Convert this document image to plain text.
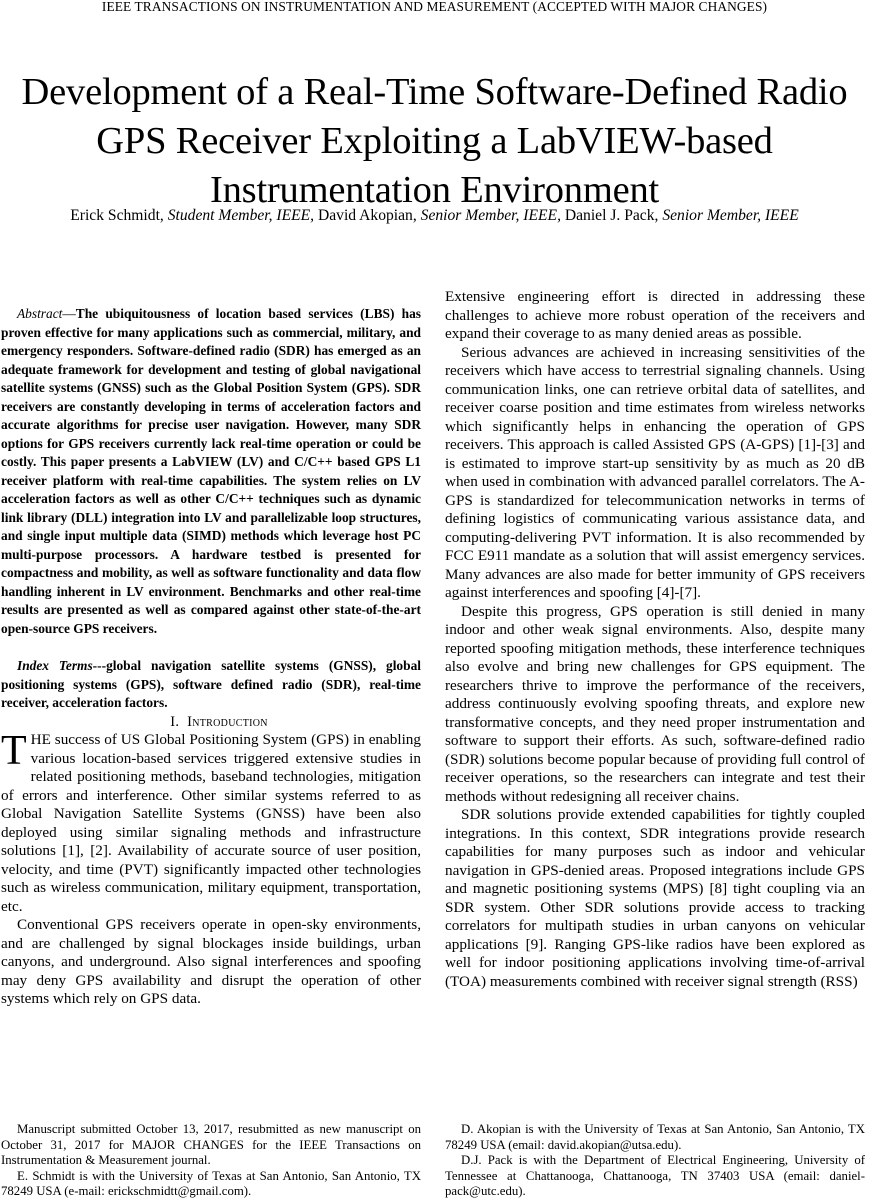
IEEE TRANSACTIONS ON INSTRUMENTATION AND MEASUREMENT (ACCEPTED WITH MAJOR CHANGES)
Development of a Real-Time Software-Defined Radio GPS Receiver Exploiting a LabVIEW-based Instrumentation Environment
Erick Schmidt, Student Member, IEEE, David Akopian, Senior Member, IEEE, Daniel J. Pack, Senior Member, IEEE

Abstract—The ubiquitousness of location based services (LBS) has proven effective for many applications such as commercial, military, and emergency responders. Software-defined radio (SDR) has emerged as an adequate framework for development and testing of global navigational satellite systems (GNSS) such as the Global Position System (GPS). SDR receivers are constantly developing in terms of acceleration factors and accurate algorithms for precise user navigation. However, many SDR options for GPS receivers currently lack real-time operation or could be costly. This paper presents a LabVIEW (LV) and C/C++ based GPS L1 receiver platform with real-time capabilities. The system relies on LV acceleration factors as well as other C/C++ techniques such as dynamic link library (DLL) integration into LV and parallelizable loop structures, and single input multiple data (SIMD) methods which leverage host PC multi-purpose processors. A hardware testbed is presented for compactness and mobility, as well as software functionality and data flow handling inherent in LV environment. Benchmarks and other real-time results are presented as well as compared against other state-of-the-art open-source GPS receivers.

Index Terms---global navigation satellite systems (GNSS), global positioning systems (GPS), software defined radio (SDR), real-time receiver, acceleration factors.

I. Introduction

THE success of US Global Positioning System (GPS) in enabling various location-based services triggered extensive studies in related positioning methods, baseband technologies, mitigation of errors and interference. Other similar systems referred to as Global Navigation Satellite Systems (GNSS) have been also deployed using similar signaling methods and infrastructure solutions [1], [2]. Availability of accurate source of user position, velocity, and time (PVT) significantly impacted other technologies such as wireless communication, military equipment, transportation, etc.

Conventional GPS receivers operate in open-sky environments, and are challenged by signal blockages inside buildings, urban canyons, and underground. Also signal interferences and spoofing may deny GPS availability and disrupt the operation of other systems which rely on GPS data.

Extensive engineering effort is directed in addressing these challenges to achieve more robust operation of the receivers and expand their coverage to as many denied areas as possible.

Serious advances are achieved in increasing sensitivities of the receivers which have access to terrestrial signaling channels. Using communication links, one can retrieve orbital data of satellites, and receiver coarse position and time estimates from wireless networks which significantly helps in enhancing the operation of GPS receivers. This approach is called Assisted GPS (A-GPS) [1]-[3] and is estimated to improve start-up sensitivity by as much as 20 dB when used in combination with advanced parallel correlators. The A-GPS is standardized for telecommunication networks in terms of defining logistics of communicating various assistance data, and computing-delivering PVT information. It is also recommended by FCC E911 mandate as a solution that will assist emergency services. Many advances are also made for better immunity of GPS receivers against interferences and spoofing [4]-[7].

Despite this progress, GPS operation is still denied in many indoor and other weak signal environments. Also, despite many reported spoofing mitigation methods, these interference techniques also evolve and bring new challenges for GPS equipment. The researchers thrive to improve the performance of the receivers, address continuously evolving spoofing threats, and explore new transformative concepts, and they need proper instrumentation and software to support their efforts. As such, software-defined radio (SDR) solutions become popular because of providing full control of receiver operations, so the researchers can integrate and test their methods without redesigning all receiver chains.

SDR solutions provide extended capabilities for tightly coupled integrations. In this context, SDR integrations provide research capabilities for many purposes such as indoor and vehicular navigation in GPS-denied areas. Proposed integrations include GPS and magnetic positioning systems (MPS) [8] tight coupling via an SDR system. Other SDR solutions provide access to tracking correlators for multipath studies in urban canyons on vehicular applications [9]. Ranging GPS-like radios have been explored as well for indoor positioning applications involving time-of-arrival (TOA) measurements combined with receiver signal strength (RSS)

Manuscript submitted October 13, 2017, resubmitted as new manuscript on October 31, 2017 for MAJOR CHANGES for the IEEE Transactions on Instrumentation & Measurement journal.

E. Schmidt is with the University of Texas at San Antonio, San Antonio, TX 78249 USA (e-mail: erickschmidtt@gmail.com).

D. Akopian is with the University of Texas at San Antonio, San Antonio, TX 78249 USA (email: david.akopian@utsa.edu).

D.J. Pack is with the Department of Electrical Engineering, University of Tennessee at Chattanooga, Chattanooga, TN 37403 USA (email: daniel-pack@utc.edu).
